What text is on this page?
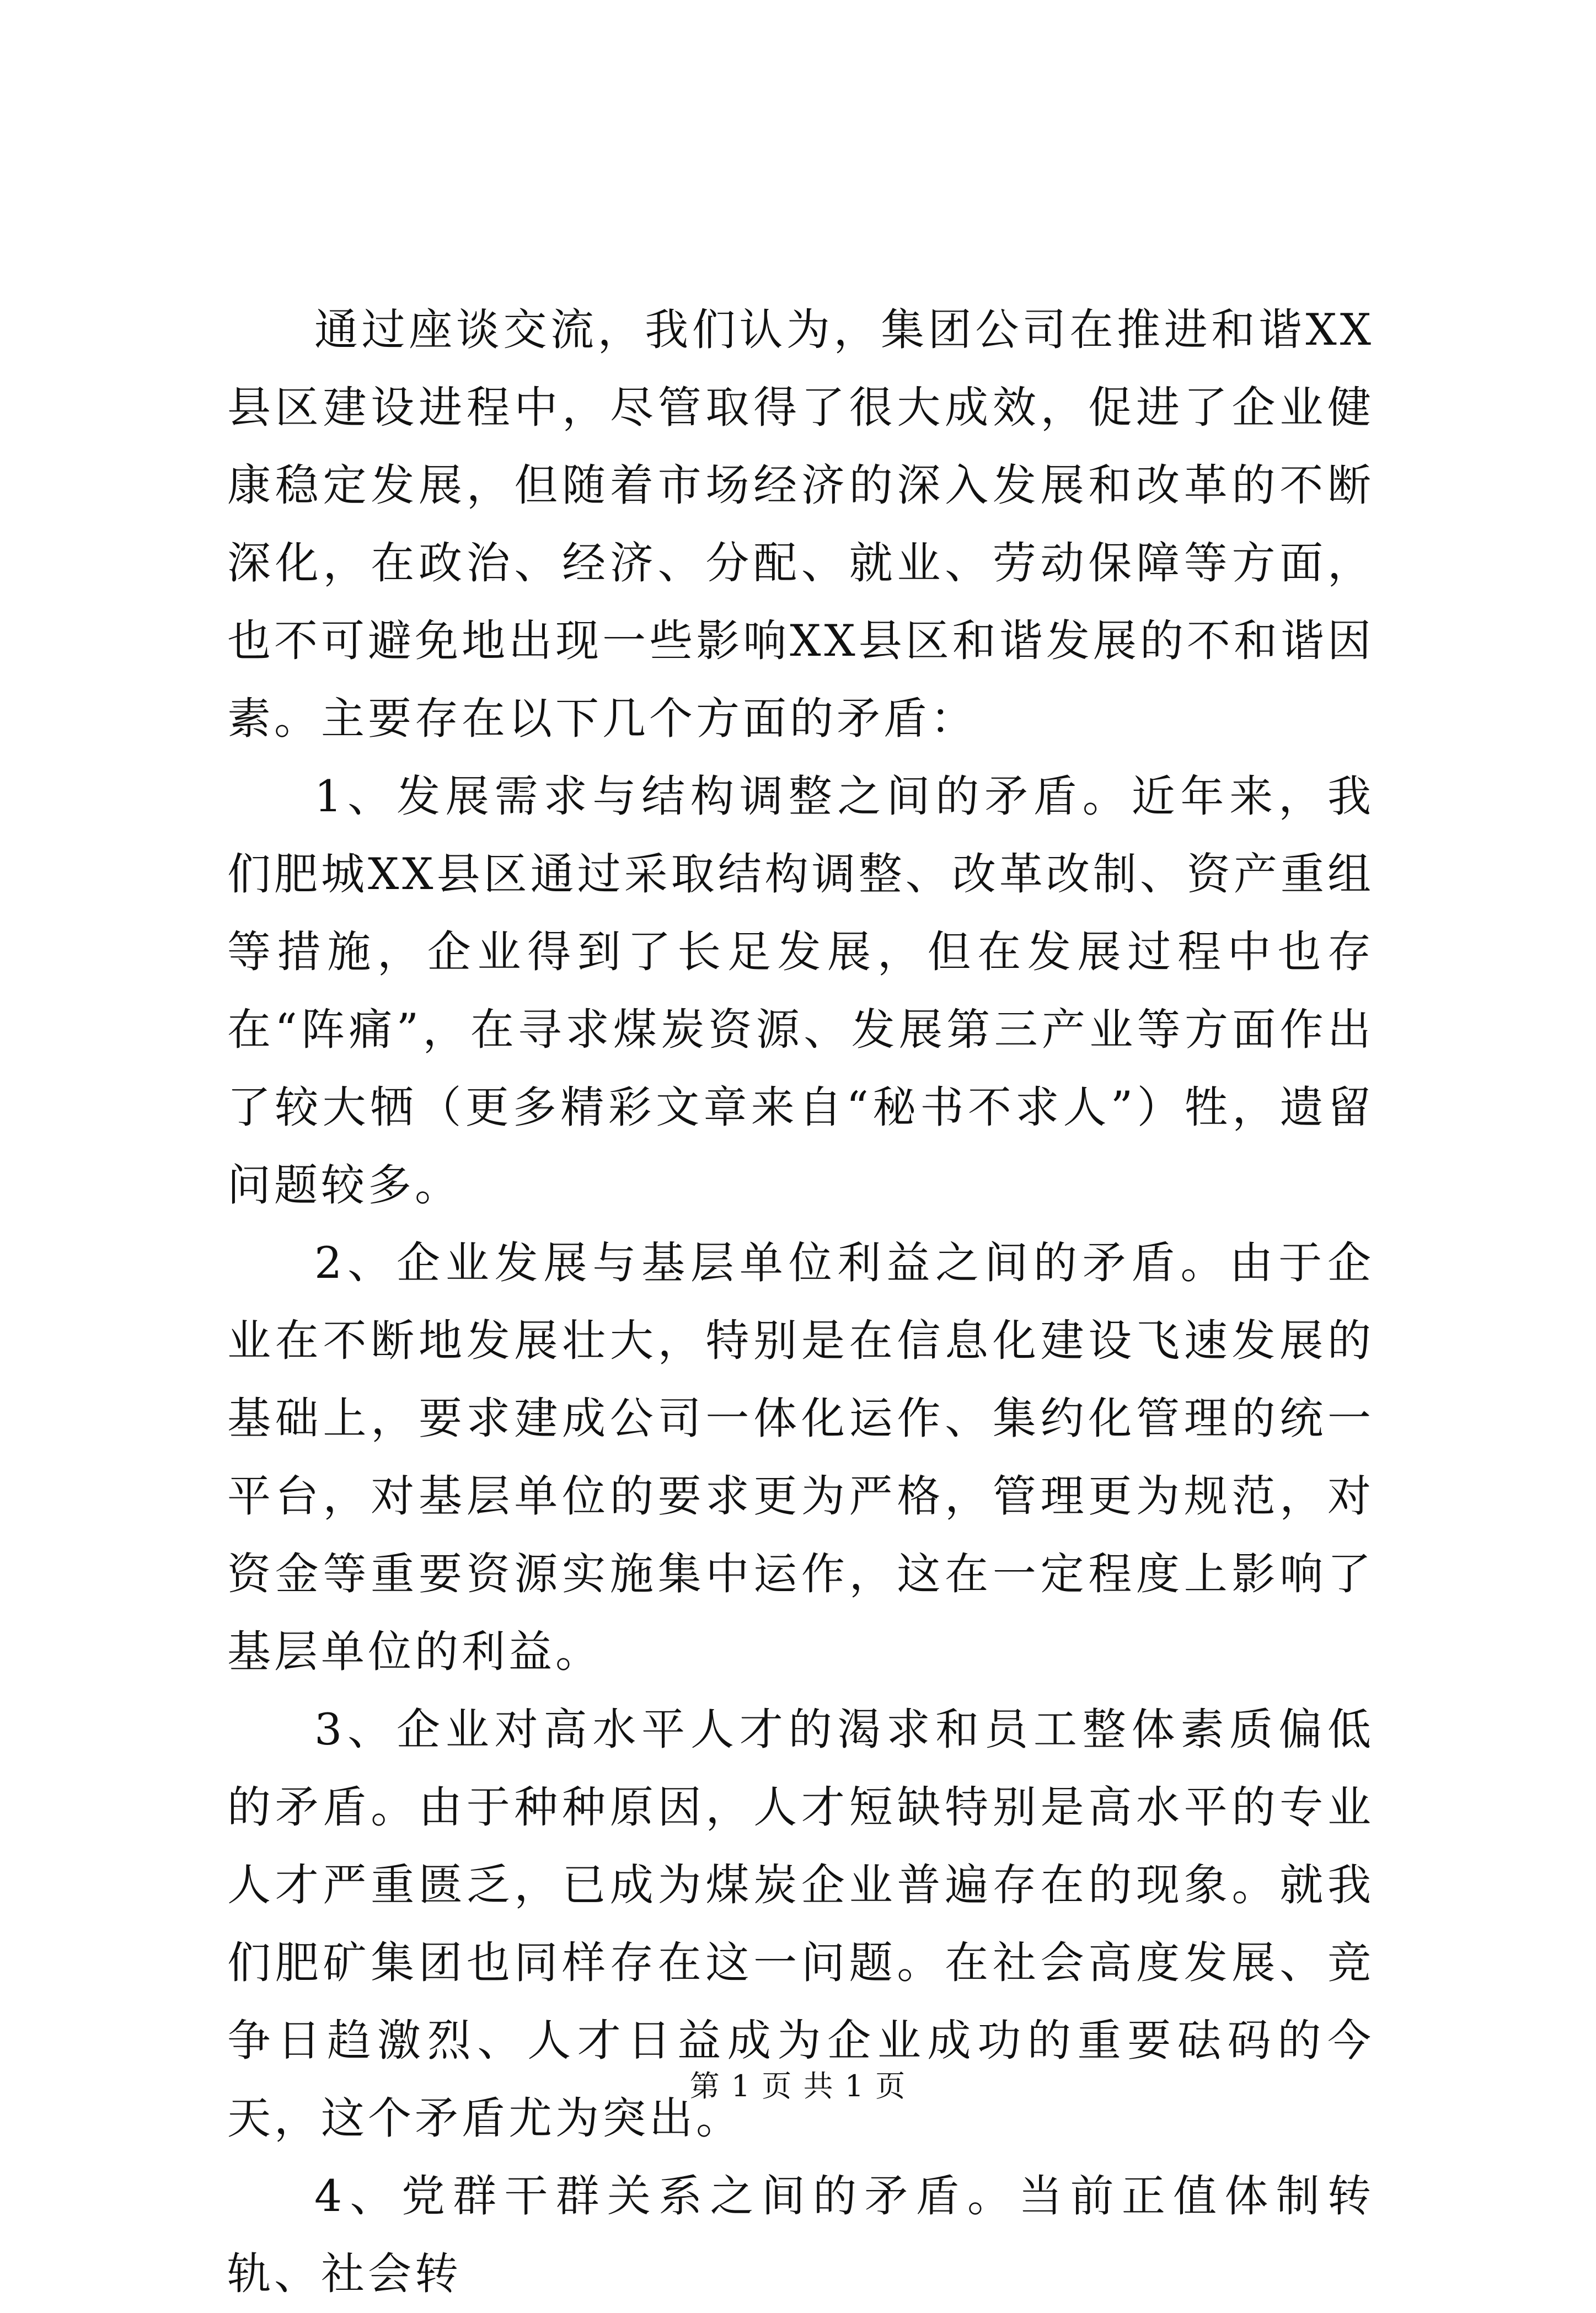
通过座谈交流，我们认为，集团公司在推进和谐XX县区建设进程中，尽管取得了很大成效，促进了企业健康稳定发展，但随着市场经济的深入发展和改革的不断深化，在政治、经济、分配、就业、劳动保障等方面，也不可避免地出现一些影响XX县区和谐发展的不和谐因素。主要存在以下几个方面的矛盾：

1、发展需求与结构调整之间的矛盾。近年来，我们肥城XX县区通过采取结构调整、改革改制、资产重组等措施，企业得到了长足发展，但在发展过程中也存在“阵痛”，在寻求煤炭资源、发展第三产业等方面作出了较大牺（更多精彩文章来自“秘书不求人”）牲，遗留问题较多。

2、企业发展与基层单位利益之间的矛盾。由于企业在不断地发展壮大，特别是在信息化建设飞速发展的基础上，要求建成公司一体化运作、集约化管理的统一平台，对基层单位的要求更为严格，管理更为规范，对资金等重要资源实施集中运作，这在一定程度上影响了基层单位的利益。

3、企业对高水平人才的渴求和员工整体素质偏低的矛盾。由于种种原因，人才短缺特别是高水平的专业人才严重匮乏，已成为煤炭企业普遍存在的现象。就我们肥矿集团也同样存在这一问题。在社会高度发展、竞争日趋激烈、人才日益成为企业成功的重要砝码的今天，这个矛盾尤为突出。

4、党群干群关系之间的矛盾。当前正值体制转轨、社会转

第 1 页 共 1 页
